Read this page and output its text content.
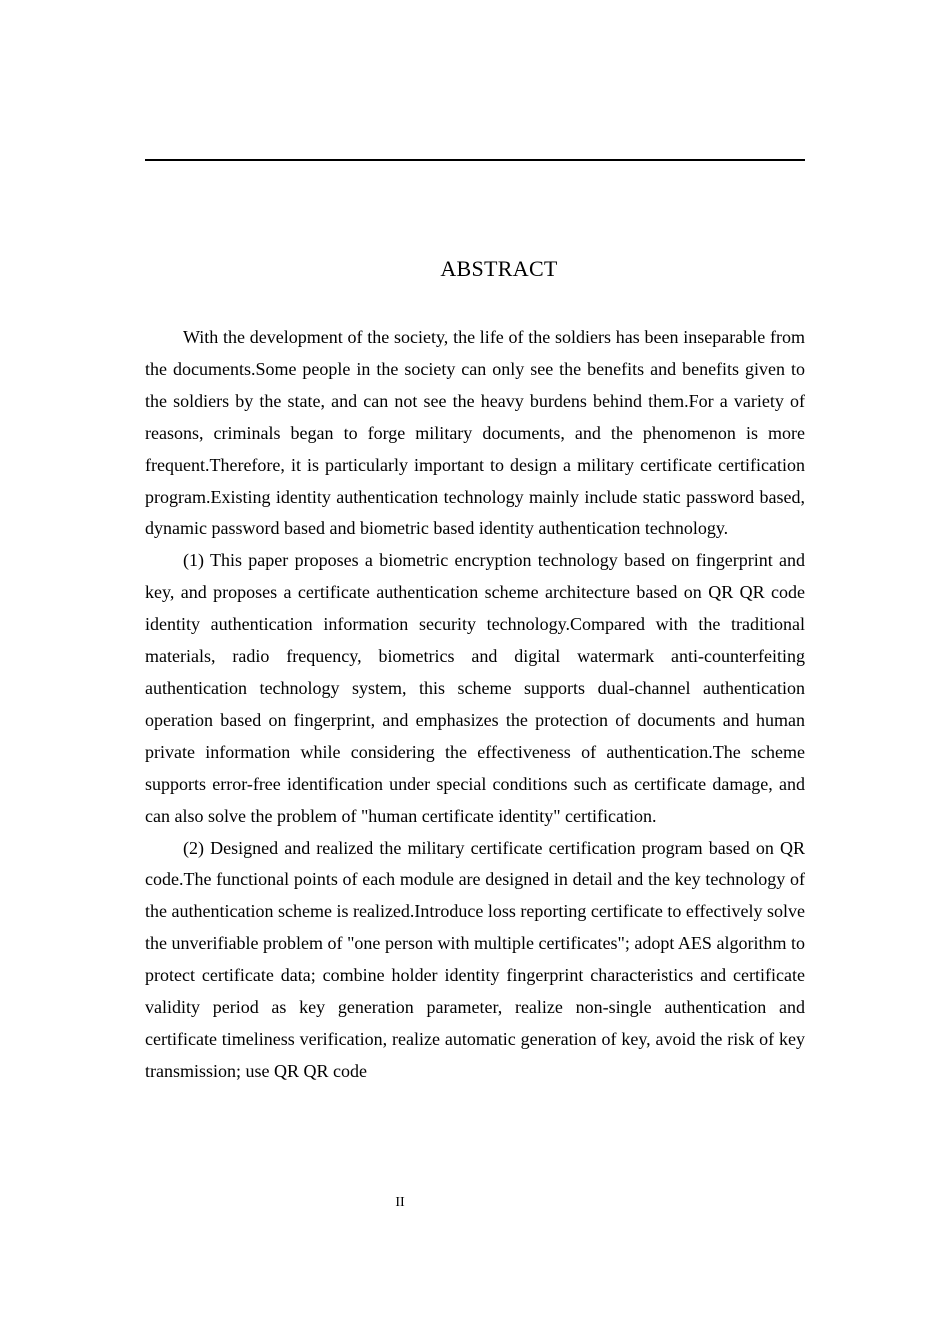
ABSTRACT

With the development of the society, the life of the soldiers has been inseparable from the documents.Some people in the society can only see the benefits and benefits given to the soldiers by the state, and can not see the heavy burdens behind them.For a variety of reasons, criminals began to forge military documents, and the phenomenon is more frequent.Therefore, it is particularly important to design a military certificate certification program.Existing identity authentication technology mainly include static password based, dynamic password based and biometric based identity authentication technology.

(1) This paper proposes a biometric encryption technology based on fingerprint and key, and proposes a certificate authentication scheme architecture based on QR QR code identity authentication information security technology.Compared with the traditional materials, radio frequency, biometrics and digital watermark anti-counterfeiting authentication technology system, this scheme supports dual-channel authentication operation based on fingerprint, and emphasizes the protection of documents and human private information while considering the effectiveness of authentication.The scheme supports error-free identification under special conditions such as certificate damage, and can also solve the problem of "human certificate identity" certification.

(2) Designed and realized the military certificate certification program based on QR code.The functional points of each module are designed in detail and the key technology of the authentication scheme is realized.Introduce loss reporting certificate to effectively solve the unverifiable problem of "one person with multiple certificates"; adopt AES algorithm to protect certificate data; combine holder identity fingerprint characteristics and certificate validity period as key generation parameter, realize non-single authentication and certificate timeliness verification, realize automatic generation of key, avoid the risk of key transmission; use QR QR code

II
